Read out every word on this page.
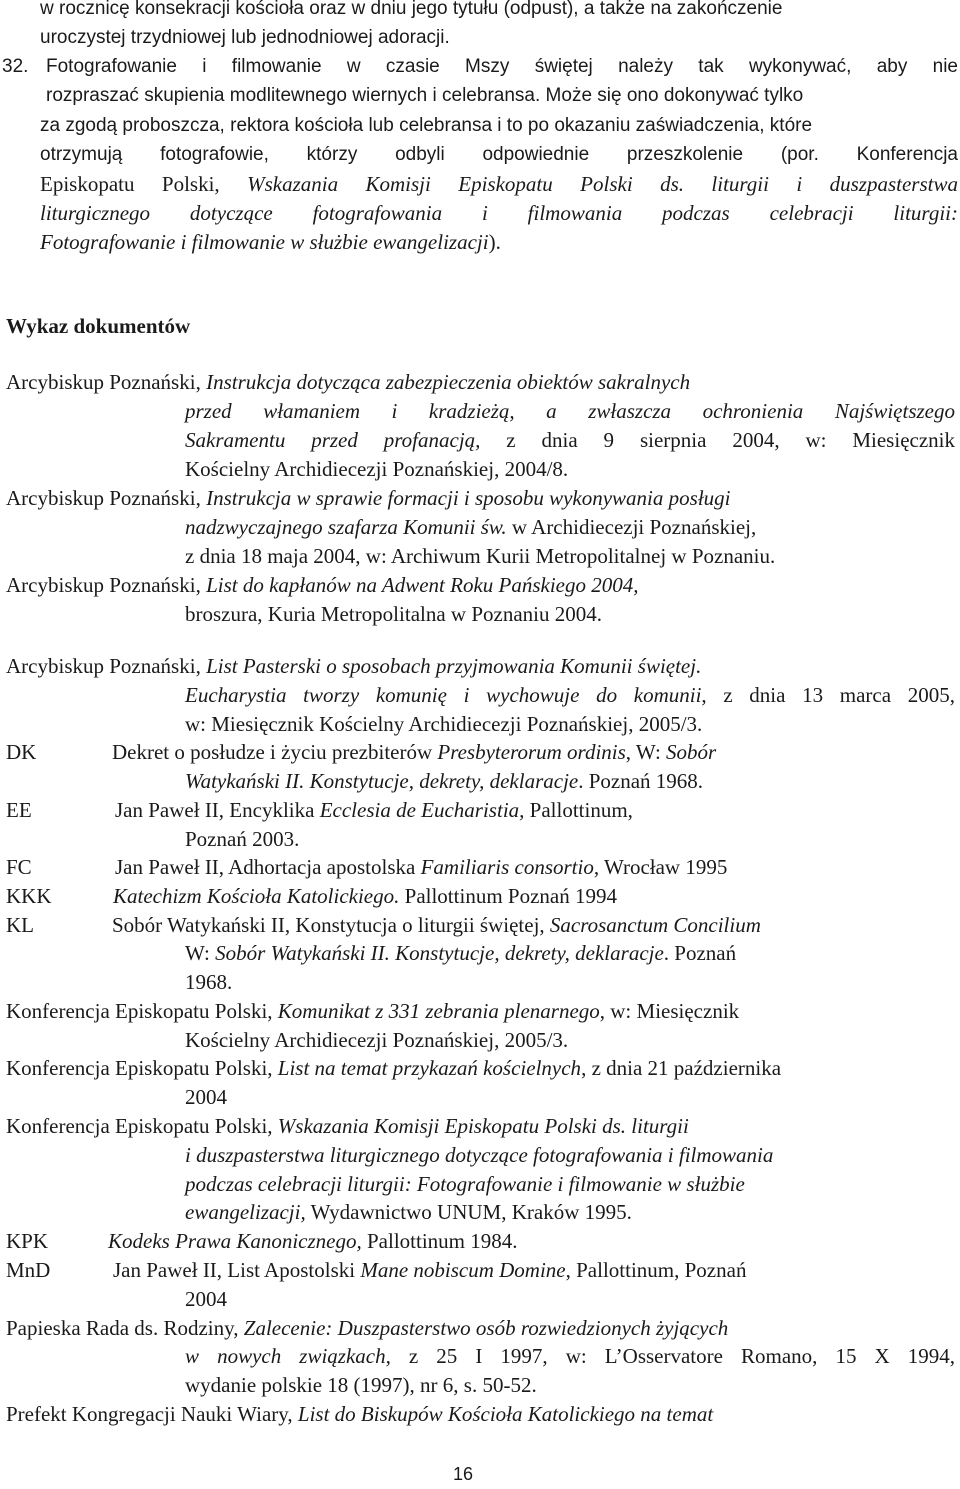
w rocznicę konsekracji kościoła oraz w dniu jego tytułu (odpust), a także na zakończenie
uroczystej trzydniowej lub jednodniowej adoracji.
32. Fotografowanie i filmowanie w czasie Mszy świętej należy tak wykonywać, aby nie
rozpraszać skupienia modlitewnego wiernych i celebransa. Może się ono dokonywać tylko
za zgodą proboszcza, rektora kościoła lub celebransa i to po okazaniu zaświadczenia, które
otrzymują fotografowie, którzy odbyli odpowiednie przeszkolenie (por. Konferencja
Episkopatu Polski, Wskazania Komisji Episkopatu Polski ds. liturgii i duszpasterstwa
liturgicznego dotyczące fotografowania i filmowania podczas celebracji liturgii:
Fotografowanie i filmowanie w służbie ewangelizacji).
Wykaz dokumentów
Arcybiskup Poznański, Instrukcja dotycząca zabezpieczenia obiektów sakralnych
przed włamaniem i kradzieżą, a zwłaszcza ochronienia Najświętszego
Sakramentu przed profanacją, z dnia 9 sierpnia 2004, w: Miesięcznik
Kościelny Archidiecezji Poznańskiej, 2004/8.
Arcybiskup Poznański, Instrukcja w sprawie formacji i sposobu wykonywania posługi
nadzwyczajnego szafarza Komunii św. w Archidiecezji Poznańskiej,
z dnia 18 maja 2004, w: Archiwum Kurii Metropolitalnej w Poznaniu.
Arcybiskup Poznański, List do kapłanów na Adwent Roku Pańskiego 2004,
broszura, Kuria Metropolitalna w Poznaniu 2004.
Arcybiskup Poznański, List Pasterski o sposobach przyjmowania Komunii świętej.
Eucharystia tworzy komunię i wychowuje do komunii, z dnia 13 marca 2005,
w: Miesięcznik Kościelny Archidiecezji Poznańskiej, 2005/3.
DK	Dekret o posłudze i życiu prezbiterów Presbyterorum ordinis, W: Sobór
Watykański II. Konstytucje, dekrety, deklaracje. Poznań 1968.
EE	Jan Paweł II, Encyklika Ecclesia de Eucharistia, Pallottinum,
Poznań 2003.
FC	Jan Paweł II, Adhortacja apostolska Familiaris consortio, Wrocław 1995
KKK	Katechizm Kościoła Katolickiego. Pallottinum Poznań 1994
KL	Sobór Watykański II, Konstytucja o liturgii świętej, Sacrosanctum Concilium
W: Sobór Watykański II. Konstytucje, dekrety, deklaracje. Poznań
1968.
Konferencja Episkopatu Polski, Komunikat z 331 zebrania plenarnego, w: Miesięcznik
Kościelny Archidiecezji Poznańskiej, 2005/3.
Konferencja Episkopatu Polski, List na temat przykazań kościelnych, z dnia 21 października
2004
Konferencja Episkopatu Polski, Wskazania Komisji Episkopatu Polski ds. liturgii
i duszpasterstwa liturgicznego dotyczące fotografowania i filmowania
podczas celebracji liturgii: Fotografowanie i filmowanie w służbie
ewangelizacji, Wydawnictwo UNUM, Kraków 1995.
KPK	Kodeks Prawa Kanonicznego, Pallottinum 1984.
MnD	Jan Paweł II, List Apostolski Mane nobiscum Domine, Pallottinum, Poznań
2004
Papieska Rada ds. Rodziny, Zalecenie: Duszpasterstwo osób rozwiedzionych żyjących
w nowych związkach, z 25 I 1997, w: L’Osservatore Romano, 15 X 1994,
wydanie polskie 18 (1997), nr 6, s. 50-52.
Prefekt Kongregacji Nauki Wiary, List do Biskupów Kościoła Katolickiego na temat
16
